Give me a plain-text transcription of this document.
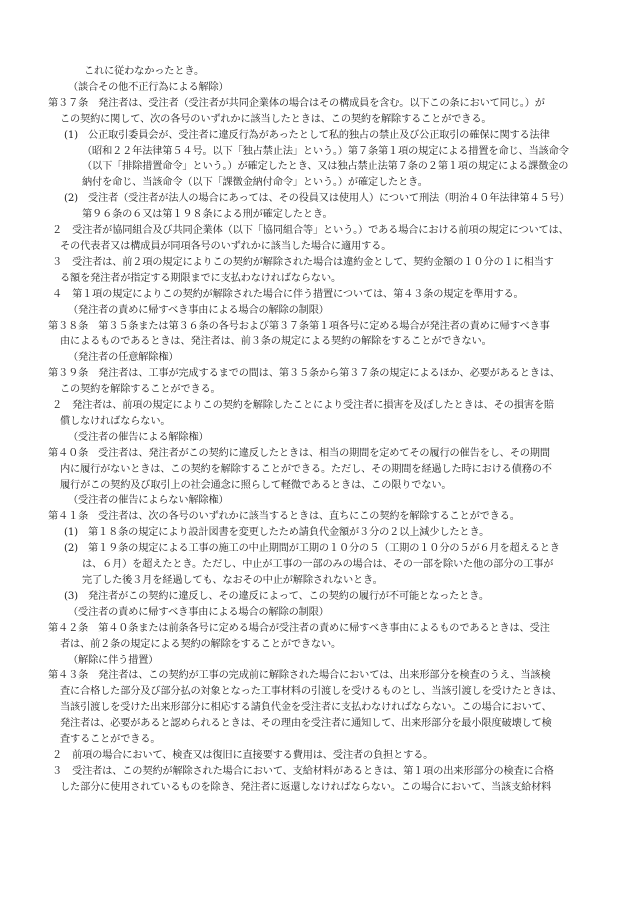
これに従わなかったとき。
（談合その他不正行為による解除）
第３７条　発注者は、受注者（受注者が共同企業体の場合はその構成員を含む。以下この条において同じ。）が
この契約に関して、次の各号のいずれかに該当したときは、この契約を解除することができる。
(1)　公正取引委員会が、受注者に違反行為があったとして私的独占の禁止及び公正取引の確保に関する法律
（昭和２２年法律第５４号。以下「独占禁止法」という。）第７条第１項の規定による措置を命じ、当該命令
（以下「排除措置命令」という。）が確定したとき、又は独占禁止法第７条の２第１項の規定による課徴金の
納付を命じ、当該命令（以下「課徴金納付命令」という。）が確定したとき。
(2)　受注者（受注者が法人の場合にあっては、その役員又は使用人）について刑法（明治４０年法律第４５号）
第９６条の６又は第１９８条による刑が確定したとき。
２　受注者が協同組合及び共同企業体（以下「協同組合等」という。）である場合における前項の規定については、
その代表者又は構成員が同項各号のいずれかに該当した場合に適用する。
３　受注者は、前２項の規定によりこの契約が解除された場合は違約金として、契約金額の１０分の１に相当す
る額を発注者が指定する期限までに支払わなければならない。
４　第１項の規定によりこの契約が解除された場合に伴う措置については、第４３条の規定を準用する。
（発注者の責めに帰すべき事由による場合の解除の制限）
第３８条　第３５条または第３６条の各号および第３７条第１項各号に定める場合が発注者の責めに帰すべき事
由によるものであるときは、発注者は、前３条の規定による契約の解除をすることができない。
（発注者の任意解除権）
第３９条　発注者は、工事が完成するまでの間は、第３５条から第３７条の規定によるほか、必要があるときは、
この契約を解除することができる。
２　発注者は、前項の規定によりこの契約を解除したことにより受注者に損害を及ぼしたときは、その損害を賠
償しなければならない。
（受注者の催告による解除権）
第４０条　受注者は、発注者がこの契約に違反したときは、相当の期間を定めてその履行の催告をし、その期間
内に履行がないときは、この契約を解除することができる。ただし、その期間を経過した時における債務の不
履行がこの契約及び取引上の社会通念に照らして軽微であるときは、この限りでない。
（受注者の催告によらない解除権）
第４１条　受注者は、次の各号のいずれかに該当するときは、直ちにこの契約を解除することができる。
(1)　第１８条の規定により設計図書を変更したため請負代金額が３分の２以上減少したとき。
(2)　第１９条の規定による工事の施工の中止期間が工期の１０分の５（工期の１０分の５が６月を超えるとき
は、６月）を超えたとき。ただし、中止が工事の一部のみの場合は、その一部を除いた他の部分の工事が
完了した後３月を経過しても、なおその中止が解除されないとき。
(3)　発注者がこの契約に違反し、その違反によって、この契約の履行が不可能となったとき。
（受注者の責めに帰すべき事由による場合の解除の制限）
第４２条　第４０条または前条各号に定める場合が受注者の責めに帰すべき事由によるものであるときは、受注
者は、前２条の規定による契約の解除をすることができない。
（解除に伴う措置）
第４３条　発注者は、この契約が工事の完成前に解除された場合においては、出来形部分を検査のうえ、当該検
査に合格した部分及び部分払の対象となった工事材料の引渡しを受けるものとし、当該引渡しを受けたときは、
当該引渡しを受けた出来形部分に相応する請負代金を受注者に支払わなければならない。この場合において、
発注者は、必要があると認められるときは、その理由を受注者に通知して、出来形部分を最小限度破壊して検
査することができる。
２　前項の場合において、検査又は復旧に直接要する費用は、受注者の負担とする。
３　受注者は、この契約が解除された場合において、支給材料があるときは、第１項の出来形部分の検査に合格
した部分に使用されているものを除き、発注者に返還しなければならない。この場合において、当該支給材料
